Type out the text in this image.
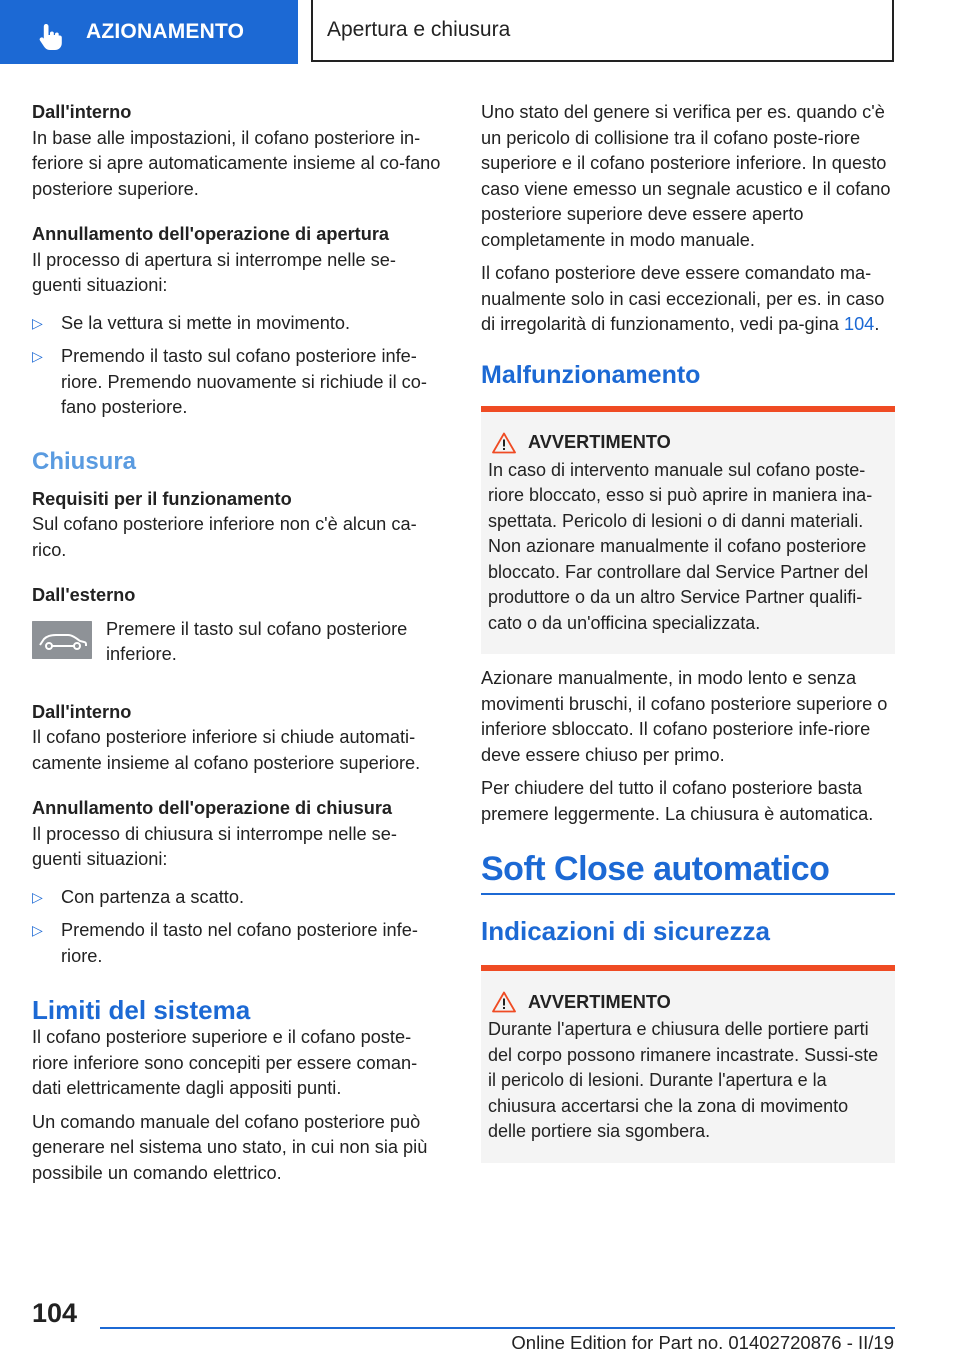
AZIONAMENTO	Apertura e chiusura

Dall'interno

In base alle impostazioni, il cofano posteriore in-feriore si apre automaticamente insieme al co-fano posteriore superiore.

Annullamento dell'operazione di apertura

Il processo di apertura si interrompe nelle se-guenti situazioni:

▷	Se la vettura si mette in movimento.
▷	Premendo il tasto sul cofano posteriore infe-riore. Premendo nuovamente si richiude il co-fano posteriore.

Chiusura

Requisiti per il funzionamento

Sul cofano posteriore inferiore non c'è alcun ca-rico.

Dall'esterno

Premere il tasto sul cofano posteriore inferiore.

Dall'interno

Il cofano posteriore inferiore si chiude automati-camente insieme al cofano posteriore superiore.

Annullamento dell'operazione di chiusura

Il processo di chiusura si interrompe nelle se-guenti situazioni:

▷	Con partenza a scatto.
▷	Premendo il tasto nel cofano posteriore infe-riore.

Limiti del sistema

Il cofano posteriore superiore e il cofano poste-riore inferiore sono concepiti per essere coman-dati elettricamente dagli appositi punti.

Un comando manuale del cofano posteriore può generare nel sistema uno stato, in cui non sia più possibile un comando elettrico.

Uno stato del genere si verifica per es. quando c'è un pericolo di collisione tra il cofano poste-riore superiore e il cofano posteriore inferiore. In questo caso viene emesso un segnale acustico e il cofano posteriore superiore deve essere aperto completamente in modo manuale.

Il cofano posteriore deve essere comandato ma-nualmente solo in casi eccezionali, per es. in caso di irregolarità di funzionamento, vedi pa-gina 104.

Malfunzionamento

AVVERTIMENTO

In caso di intervento manuale sul cofano poste-riore bloccato, esso si può aprire in maniera ina-spettata. Pericolo di lesioni o di danni materiali. Non azionare manualmente il cofano posteriore bloccato. Far controllare dal Service Partner del produttore o da un altro Service Partner qualifi-cato o da un'officina specializzata.

Azionare manualmente, in modo lento e senza movimenti bruschi, il cofano posteriore superiore o inferiore sbloccato. Il cofano posteriore infe-riore deve essere chiuso per primo.

Per chiudere del tutto il cofano posteriore basta premere leggermente. La chiusura è automatica.

Soft Close automatico

Indicazioni di sicurezza

AVVERTIMENTO

Durante l'apertura e chiusura delle portiere parti del corpo possono rimanere incastrate. Sussi-ste il pericolo di lesioni. Durante l'apertura e la chiusura accertarsi che la zona di movimento delle portiere sia sgombera.

104
Online Edition for Part no. 01402720876 - II/19
